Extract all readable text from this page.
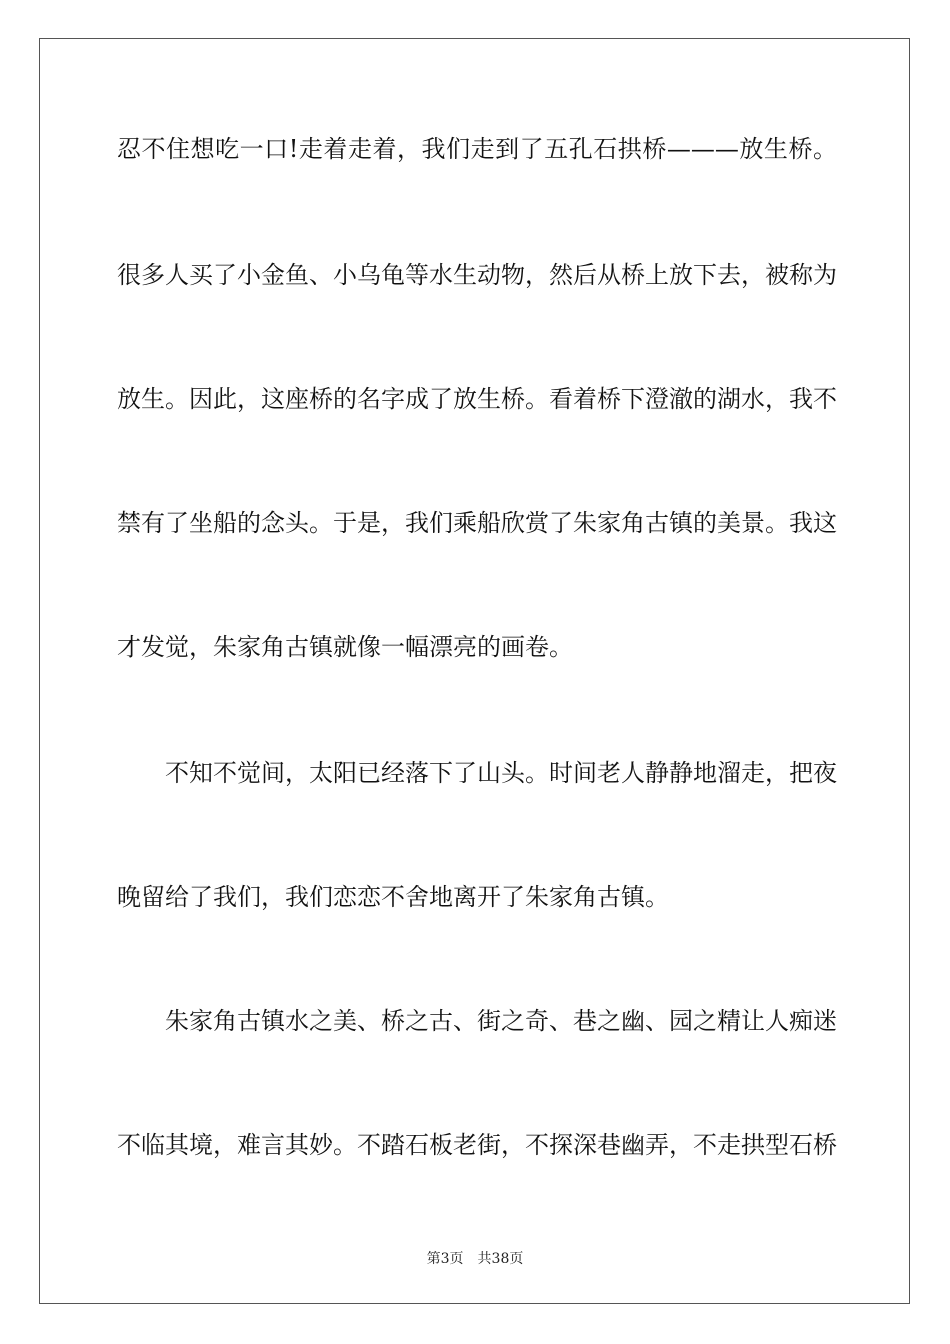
忍不住想吃一口!走着走着，我们走到了五孔石拱桥———放生桥。
很多人买了小金鱼、小乌龟等水生动物，然后从桥上放下去，被称为
放生。因此，这座桥的名字成了放生桥。看着桥下澄澈的湖水，我不
禁有了坐船的念头。于是，我们乘船欣赏了朱家角古镇的美景。我这
才发觉，朱家角古镇就像一幅漂亮的画卷。
不知不觉间，太阳已经落下了山头。时间老人静静地溜走，把夜
晚留给了我们，我们恋恋不舍地离开了朱家角古镇。
朱家角古镇水之美、桥之古、街之奇、巷之幽、园之精让人痴迷
不临其境，难言其妙。不踏石板老街，不探深巷幽弄，不走拱型石桥
第3页 共38页
